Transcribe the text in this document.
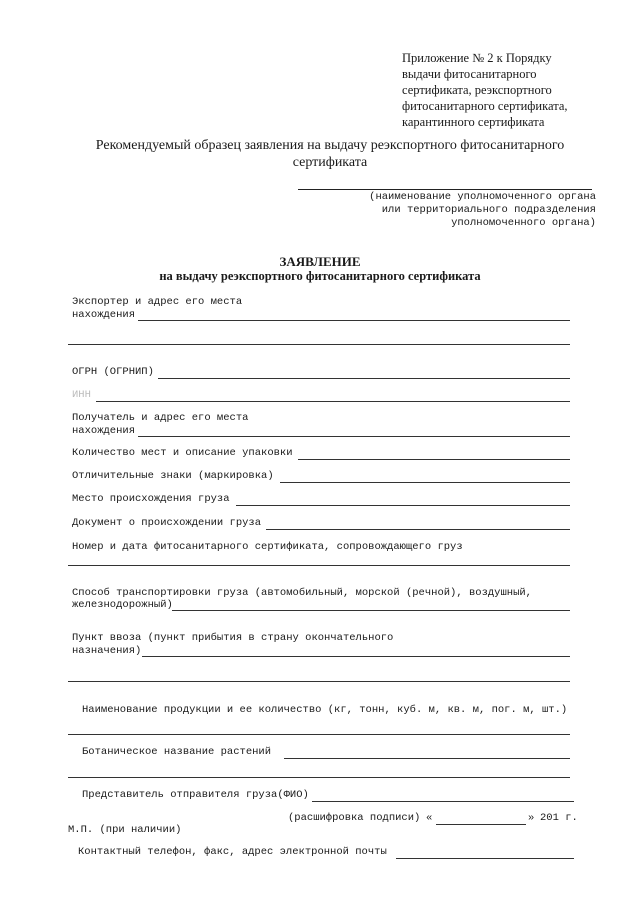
Приложение № 2 к Порядку
выдачи фитосанитарного
сертификата, реэкспортного
фитосанитарного сертификата,
карантинного сертификата
Рекомендуемый образец заявления на выдачу реэкспортного фитосанитарного
сертификата
(наименование уполномоченного органа
или территориального подразделения
уполномоченного органа)
ЗАЯВЛЕНИЕ
на выдачу реэкспортного фитосанитарного сертификата
Экспортер и адрес его места
нахождения
ОГРН (ОГРНИП)
ИНН
Получатель и адрес его места
нахождения
Количество мест и описание упаковки
Отличительные знаки (маркировка)
Место происхождения груза
Документ о происхождении груза
Номер и дата фитосанитарного сертификата, сопровождающего груз
Способ транспортировки груза (автомобильный, морской (речной), воздушный,
железнодорожный)
Пункт ввоза (пункт прибытия в страну окончательного
назначения)
Наименование продукции и ее количество (кг, тонн, куб. м, кв. м, пог. м, шт.)
Ботаническое название растений
Представитель отправителя груза(ФИО)
(расшифровка подписи) «	» 201 г.
М.П. (при наличии)
Контактный телефон, факс, адрес электронной почты
